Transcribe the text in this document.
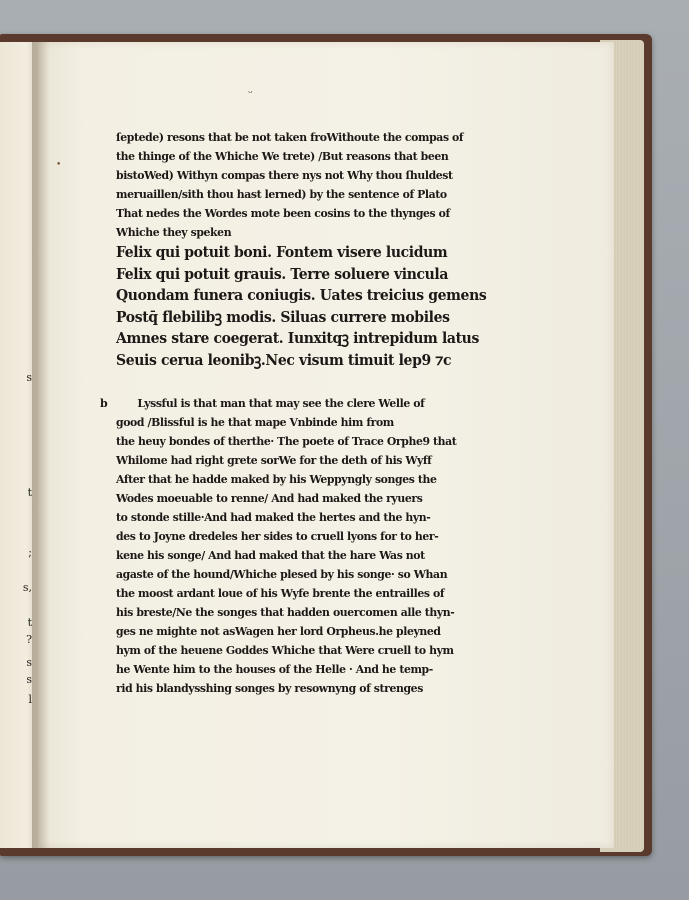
s
t
;
s,
t
?
s
s
l
ᵕ
•
ſeptede) resons that be not taken froWithoute the compas of
the thinge of the Whiche We trete) /But reasons that been
bistoWed) Withyn compas there nys not Why thou ſhuldest
meruaillen/sith thou hast lerned) by the sentence of Plato
That nedes the Wordes mote been cosins to the thynges of
Whiche they speken
Felix qui potuit boni. Fontem visere lucidum
Felix qui potuit grauis. Terre soluere vincula
Quondam funera coniugis. Uates treicius gemens
Postq̄ flebilibꝫ modis. Siluas currere mobiles
Amnes stare coegerat. Iunxitqꝫ intrepidum latus
Seuis cerua leonibꝫ.Nec visum timuit lep9 ⁊c
b	Lyssful is that man that may see the clere Welle of
good /Blissful is he that mape Vnbinde him from
the heuy bondes of therthe· The poete of Trace Orphe9 that
Whilome had right grete sorWe for the deth of his Wyff
After that he hadde maked by his Weppyngly songes the
Wodes moeuable to renne/ And had maked the ryuers
to stonde stille·And had maked the hertes and the hyn-
des to Joyne dredeles her sides to cruell lyons for to her-
kene his songe/ And had maked that the hare Was not
agaste of the hound/Whiche plesed by his songe· so Whan
the moost ardant loue of his Wyfe brente the entrailles of
his breste/Ne the songes that hadden ouercomen alle thyn-
ges ne mighte not asWagen her lord Orpheus.he pleyned
hym of the heuene Goddes Whiche that Were cruell to hym
he Wente him to the houses of the Helle · And he temp-
rid his blandysshing songes by resownyng of strenges
